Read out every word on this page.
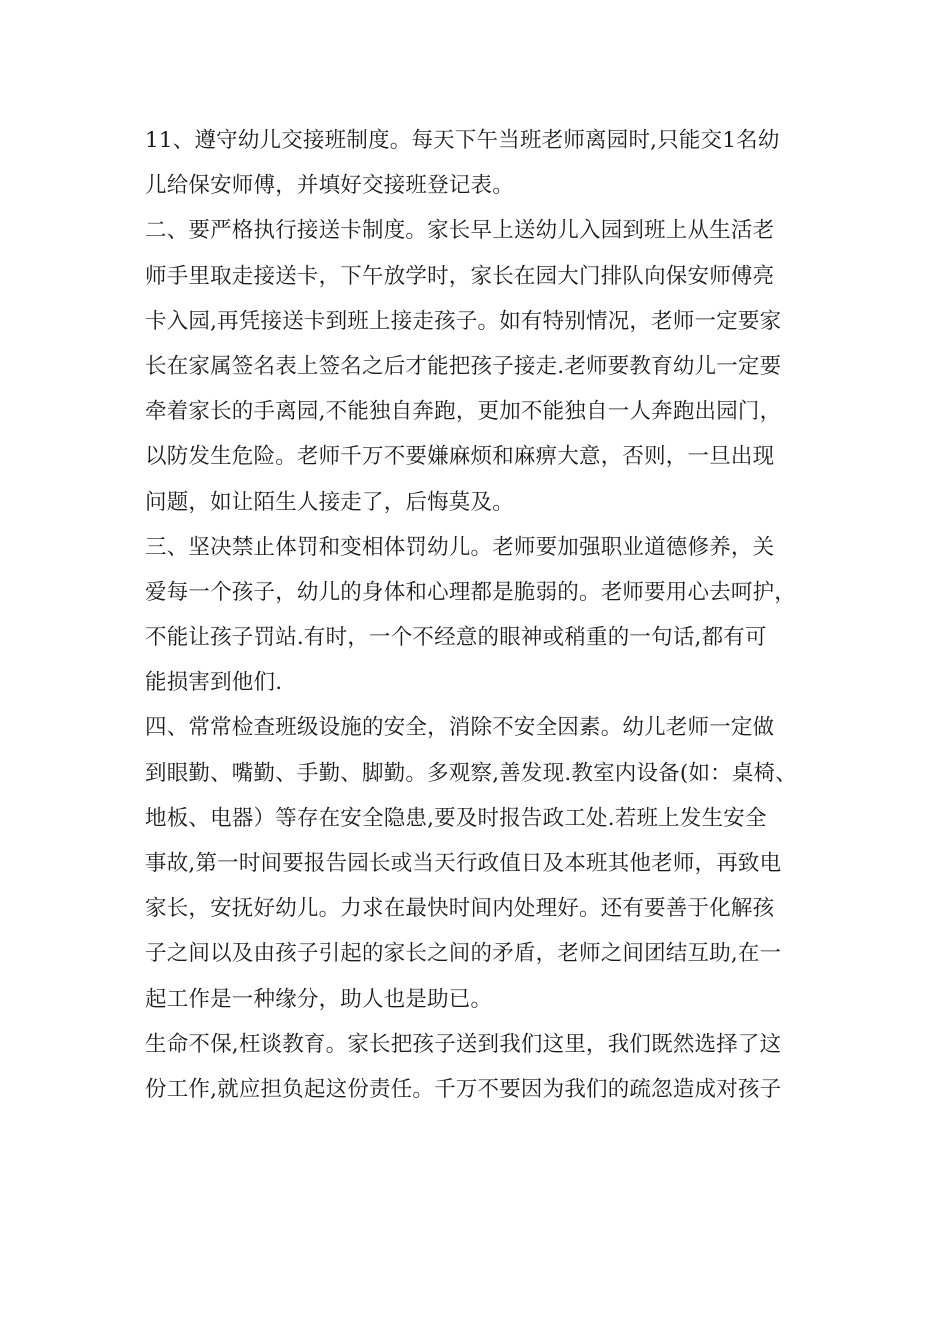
11、遵守幼儿交接班制度。每天下午当班老师离园时,只能交1名幼
儿给保安师傅，并填好交接班登记表。
二、要严格执行接送卡制度。家长早上送幼儿入园到班上从生活老
师手里取走接送卡，下午放学时，家长在园大门排队向保安师傅亮
卡入园,再凭接送卡到班上接走孩子。如有特别情况，老师一定要家
长在家属签名表上签名之后才能把孩子接走.老师要教育幼儿一定要
牵着家长的手离园,不能独自奔跑，更加不能独自一人奔跑出园门，
以防发生危险。老师千万不要嫌麻烦和麻痹大意，否则，一旦出现
问题，如让陌生人接走了，后悔莫及。
三、坚决禁止体罚和变相体罚幼儿。老师要加强职业道德修养，关
爱每一个孩子，幼儿的身体和心理都是脆弱的。老师要用心去呵护，
不能让孩子罚站.有时，一个不经意的眼神或稍重的一句话,都有可
能损害到他们.
四、常常检查班级设施的安全，消除不安全因素。幼儿老师一定做
到眼勤、嘴勤、手勤、脚勤。多观察,善发现.教室内设备(如：桌椅、
地板、电器）等存在安全隐患,要及时报告政工处.若班上发生安全
事故,第一时间要报告园长或当天行政值日及本班其他老师，再致电
家长，安抚好幼儿。力求在最快时间内处理好。还有要善于化解孩
子之间以及由孩子引起的家长之间的矛盾，老师之间团结互助,在一
起工作是一种缘分，助人也是助已。
生命不保,枉谈教育。家长把孩子送到我们这里，我们既然选择了这
份工作,就应担负起这份责任。千万不要因为我们的疏忽造成对孩子
